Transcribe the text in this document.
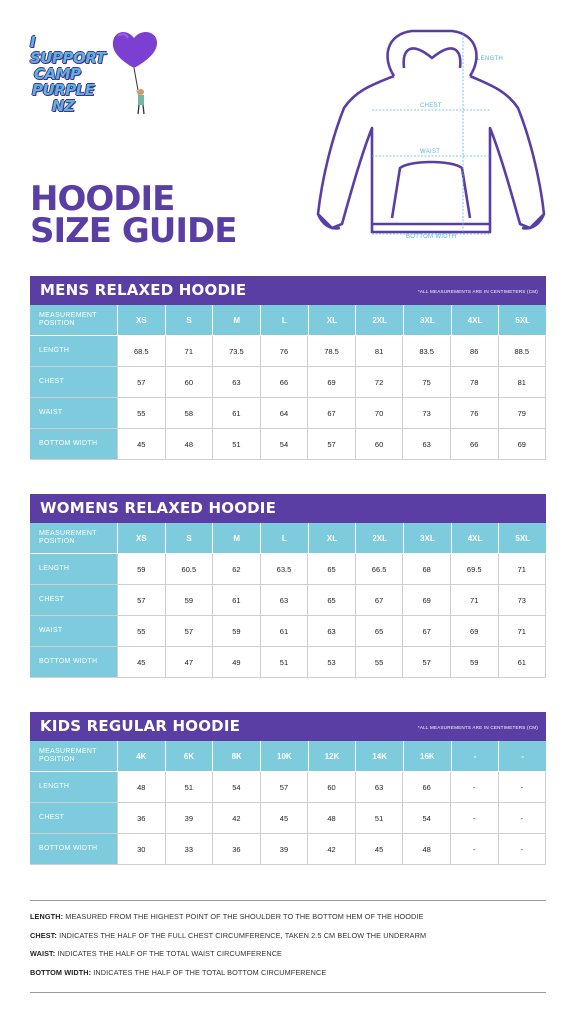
I SUPPORT
CAMP
PURPLE
NZ
HOODIE
SIZE GUIDE
LENGTH
CHEST
WAIST
BOTTOM WIDTH
MENS RELAXED HOODIE	*ALL MEASUREMENTS ARE IN CENTIMETERS (CM)
MEASUREMENT POSITION	XS	S	M	L	XL	2XL	3XL	4XL	5XL
LENGTH	68.5	71	73.5	76	78.5	81	83.5	86	88.5
CHEST	57	60	63	66	69	72	75	78	81
WAIST	55	58	61	64	67	70	73	76	79
BOTTOM WIDTH	45	48	51	54	57	60	63	66	69
WOMENS RELAXED HOODIE
MEASUREMENT POSITION	XS	S	M	L	XL	2XL	3XL	4XL	5XL
LENGTH	59	60.5	62	63.5	65	66.5	68	69.5	71
CHEST	57	59	61	63	65	67	69	71	73
WAIST	55	57	59	61	63	65	67	69	71
BOTTOM WIDTH	45	47	49	51	53	55	57	59	61
KIDS REGULAR HOODIE	*ALL MEASUREMENTS ARE IN CENTIMETERS (CM)
MEASUREMENT POSITION	4K	6K	8K	10K	12K	14K	16K	-	-
LENGTH	48	51	54	57	60	63	66	-	-
CHEST	36	39	42	45	48	51	54	-	-
BOTTOM WIDTH	30	33	36	39	42	45	48	-	-
LENGTH: MEASURED FROM THE HIGHEST POINT OF THE SHOULDER TO THE BOTTOM HEM OF THE HOODIE
CHEST: INDICATES THE HALF OF THE FULL CHEST CIRCUMFERENCE, TAKEN 2.5 CM BELOW THE UNDERARM
WAIST: INDICATES THE HALF OF THE TOTAL WAIST CIRCUMFERENCE
BOTTOM WIDTH: INDICATES THE HALF OF THE TOTAL BOTTOM CIRCUMFERENCE
